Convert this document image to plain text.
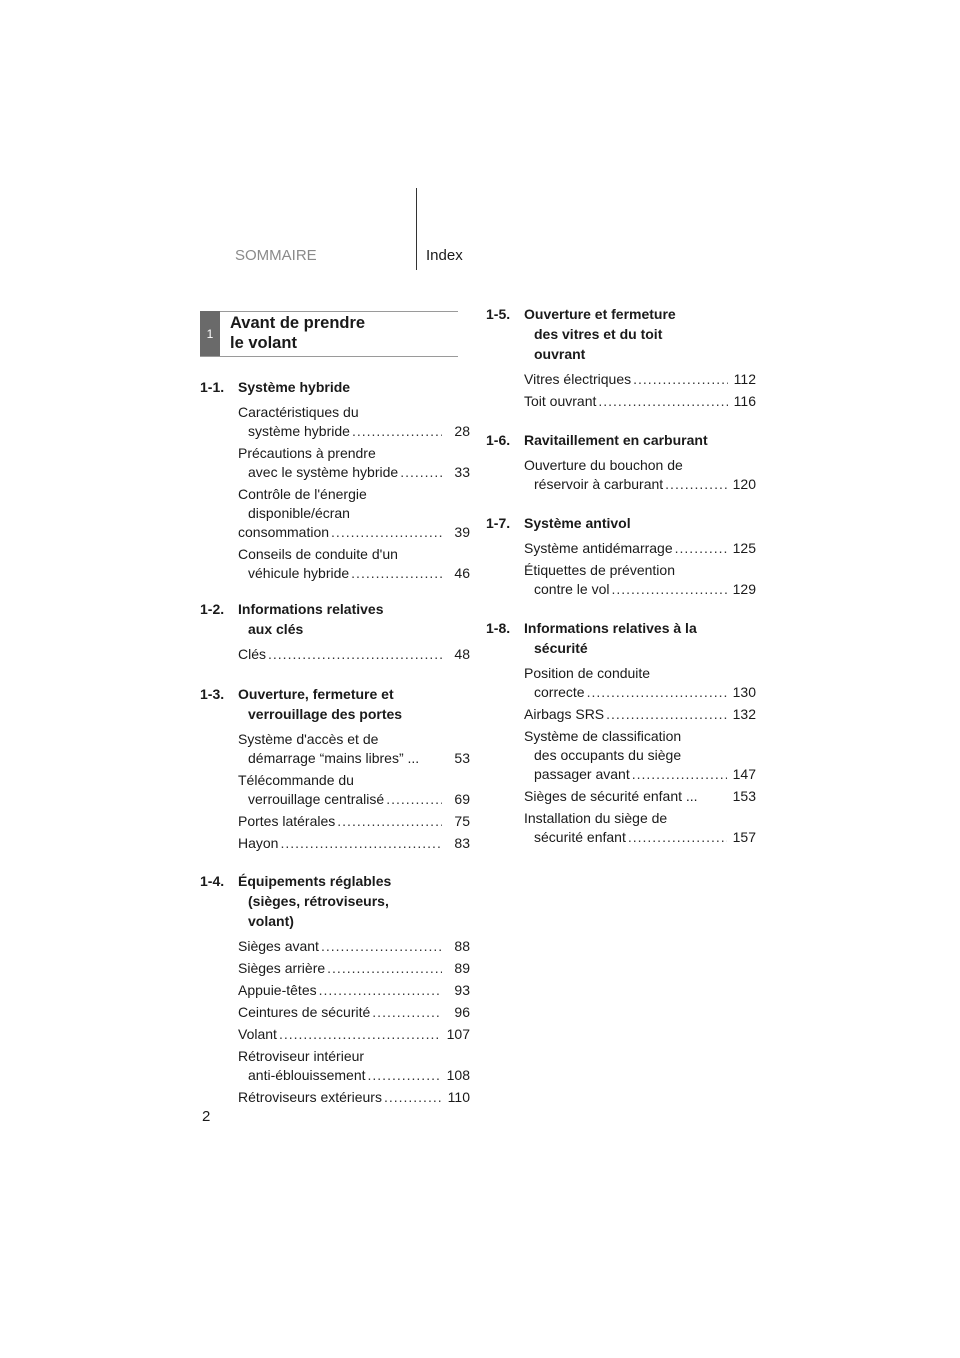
SOMMAIRE	Index
1
Avant de prendre
le volant
1-1. Système hybride
Caractéristiques du
système hybride .....	28
Précautions à prendre
avec le système hybride .....	33
Contrôle de l'énergie
disponible/écran
consommation .....	39
Conseils de conduite d'un
véhicule hybride .....	46
1-2. Informations relatives
aux clés
Clés .....	48
1-3. Ouverture, fermeture et
verrouillage des portes
Système d'accès et de
démarrage “mains libres” ...	53
Télécommande du
verrouillage centralisé .....	69
Portes latérales .....	75
Hayon .....	83
1-4. Équipements réglables
(sièges, rétroviseurs,
volant)
Sièges avant .....	88
Sièges arrière .....	89
Appuie-têtes .....	93
Ceintures de sécurité .....	96
Volant .....	107
Rétroviseur intérieur
anti-éblouissement .....	108
Rétroviseurs extérieurs .....	110
1-5. Ouverture et fermeture
des vitres et du toit
ouvrant
Vitres électriques .....	112
Toit ouvrant .....	116
1-6. Ravitaillement en carburant
Ouverture du bouchon de
réservoir à carburant .....	120
1-7. Système antivol
Système antidémarrage .....	125
Étiquettes de prévention
contre le vol .....	129
1-8. Informations relatives à la
sécurité
Position de conduite
correcte .....	130
Airbags SRS .....	132
Système de classification
des occupants du siège
passager avant .....	147
Sièges de sécurité enfant ...	153
Installation du siège de
sécurité enfant .....	157
2
